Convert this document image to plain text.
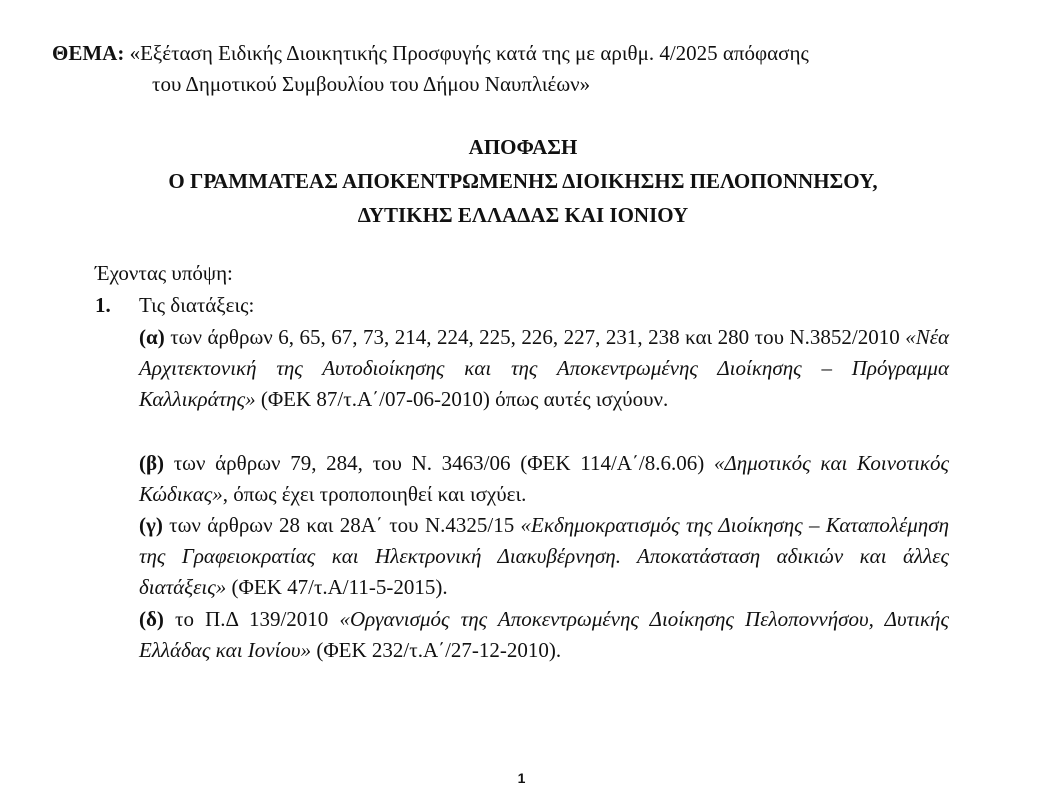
ΘΕΜΑ: «Εξέταση Ειδικής Διοικητικής Προσφυγής κατά της με αριθμ. 4/2025 απόφασης
του Δημοτικού Συμβουλίου του Δήμου Ναυπλιέων»
ΑΠΟΦΑΣΗ
Ο ΓΡΑΜΜΑΤΕΑΣ ΑΠΟΚΕΝΤΡΩΜΕΝΗΣ ΔΙΟΙΚΗΣΗΣ ΠΕΛΟΠΟΝΝΗΣΟΥ,
ΔΥΤΙΚΗΣ ΕΛΛΑΔΑΣ ΚΑΙ ΙΟΝΙΟΥ
Έχοντας υπόψη:
1. Τις διατάξεις:
(α) των άρθρων 6, 65, 67, 73, 214, 224, 225, 226, 227, 231, 238 και 280 του Ν.3852/2010 «Νέα Αρχιτεκτονική της Αυτοδιοίκησης και της Αποκεντρωμένης Διοίκησης – Πρόγραμμα Καλλικράτης» (ΦΕΚ 87/τ.Α΄/07-06-2010) όπως αυτές ισχύουν.
(β) των άρθρων 79, 284, του Ν. 3463/06 (ΦΕΚ 114/Α΄/8.6.06) «Δημοτικός και Κοινοτικός Κώδικας», όπως έχει τροποποιηθεί και ισχύει.
(γ) των άρθρων 28 και 28Α΄ του Ν.4325/15 «Εκδημοκρατισμός της Διοίκησης – Καταπολέμηση της Γραφειοκρατίας και Ηλεκτρονική Διακυβέρνηση. Αποκατάσταση αδικιών και άλλες διατάξεις» (ΦΕΚ 47/τ.Α/11-5-2015).
(δ) το Π.Δ 139/2010 «Οργανισμός της Αποκεντρωμένης Διοίκησης Πελοποννήσου, Δυτικής Ελλάδας και Ιονίου» (ΦΕΚ 232/τ.Α΄/27-12-2010).
1
